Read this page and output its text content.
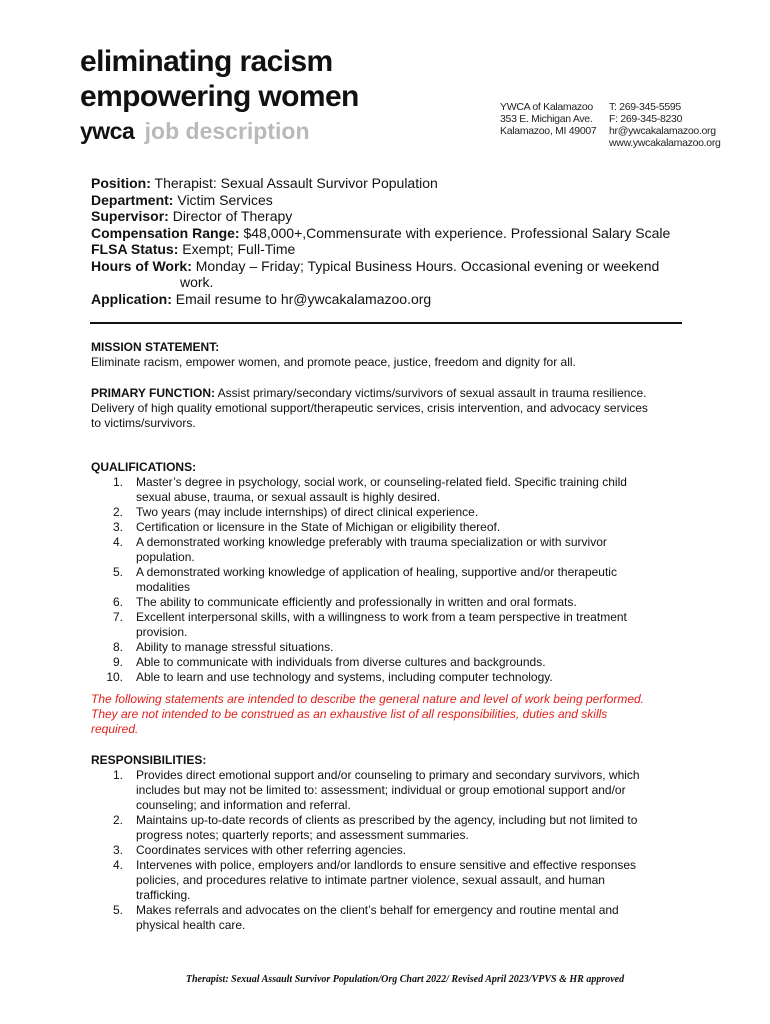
eliminating racism
empowering women
ywca job description
YWCA of Kalamazoo
353 E. Michigan Ave.
Kalamazoo, MI 49007
T: 269-345-5595
F: 269-345-8230
hr@ywcakalamazoo.org
www.ywcakalamazoo.org
Position: Therapist: Sexual Assault Survivor Population
Department: Victim Services
Supervisor: Director of Therapy
Compensation Range: $48,000+,Commensurate with experience. Professional Salary Scale
FLSA Status: Exempt; Full-Time
Hours of Work: Monday – Friday; Typical Business Hours. Occasional evening or weekend
work.
Application: Email resume to hr@ywcakalamazoo.org
MISSION STATEMENT:
Eliminate racism, empower women, and promote peace, justice, freedom and dignity for all.
PRIMARY FUNCTION: Assist primary/secondary victims/survivors of sexual assault in trauma resilience.
Delivery of high quality emotional support/therapeutic services, crisis intervention, and advocacy services
to victims/survivors.
QUALIFICATIONS:
1. Master’s degree in psychology, social work, or counseling-related field. Specific training child
sexual abuse, trauma, or sexual assault is highly desired.
2. Two years (may include internships) of direct clinical experience.
3. Certification or licensure in the State of Michigan or eligibility thereof.
4. A demonstrated working knowledge preferably with trauma specialization or with survivor
population.
5. A demonstrated working knowledge of application of healing, supportive and/or therapeutic
modalities
6. The ability to communicate efficiently and professionally in written and oral formats.
7. Excellent interpersonal skills, with a willingness to work from a team perspective in treatment
provision.
8. Ability to manage stressful situations.
9. Able to communicate with individuals from diverse cultures and backgrounds.
10. Able to learn and use technology and systems, including computer technology.
The following statements are intended to describe the general nature and level of work being performed.
They are not intended to be construed as an exhaustive list of all responsibilities, duties and skills
required.
RESPONSIBILITIES:
1. Provides direct emotional support and/or counseling to primary and secondary survivors, which
includes but may not be limited to: assessment; individual or group emotional support and/or
counseling; and information and referral.
2. Maintains up-to-date records of clients as prescribed by the agency, including but not limited to
progress notes; quarterly reports; and assessment summaries.
3. Coordinates services with other referring agencies.
4. Intervenes with police, employers and/or landlords to ensure sensitive and effective responses
policies, and procedures relative to intimate partner violence, sexual assault, and human
trafficking.
5. Makes referrals and advocates on the client’s behalf for emergency and routine mental and
physical health care.
Therapist: Sexual Assault Survivor Population/Org Chart 2022/ Revised April 2023/VPVS & HR approved
